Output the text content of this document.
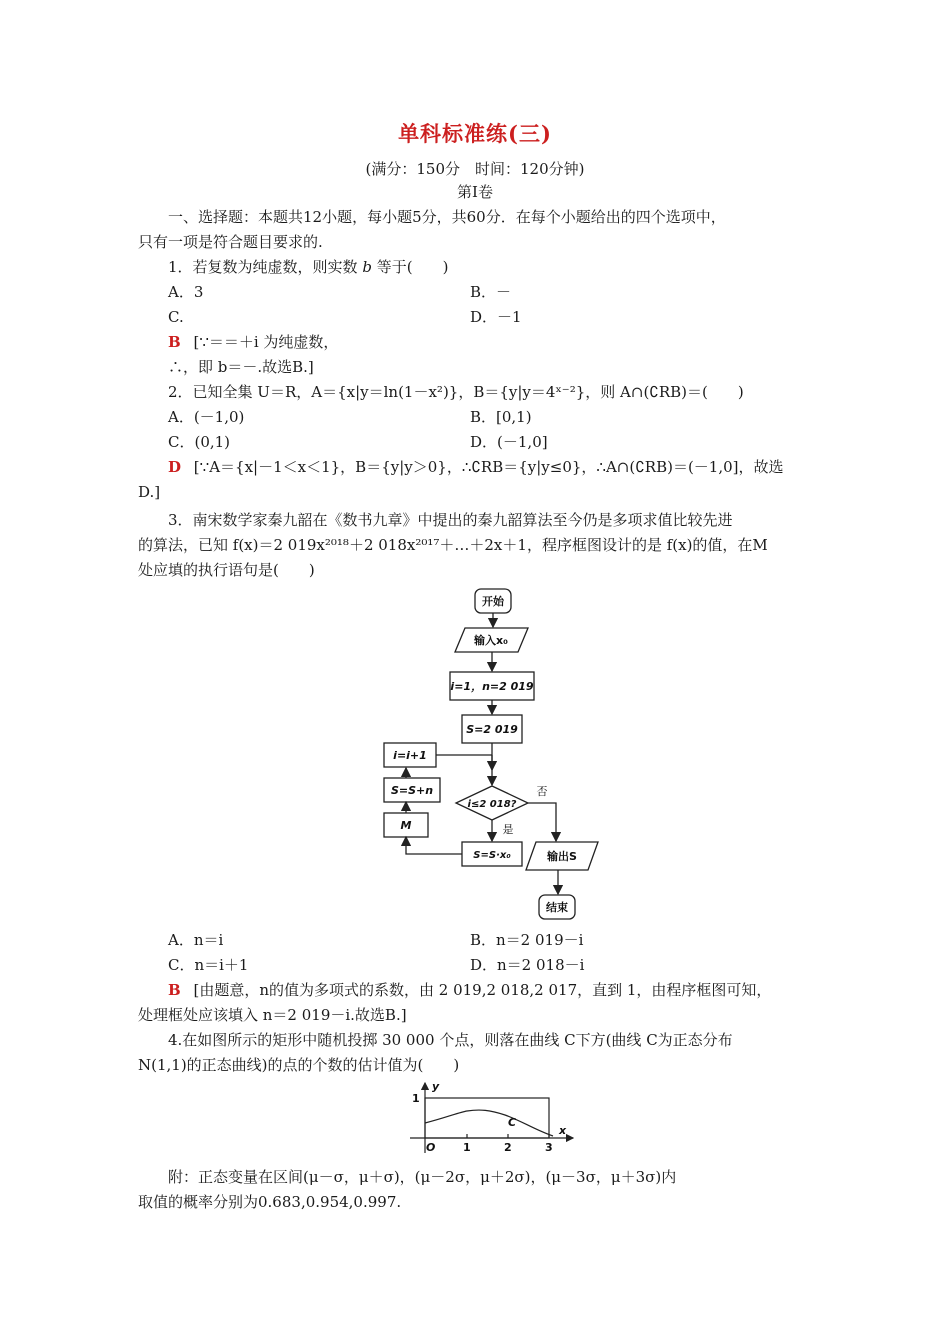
单科标准练(三)
(满分：150分　时间：120分钟)
第Ⅰ卷
一、选择题：本题共12小题，每小题5分，共60分．在每个小题给出的四个选项中，
只有一项是符合题目要求的.
1．若复数为纯虚数，则实数 b 等于(　　)
A．3	B．－
C.	D．－1
B [∵＝＝＋i 为纯虚数，
∴，即 b＝－.故选B.]
2．已知全集 U＝R，A＝{x|y＝ln(1－x²)}，B＝{y|y＝4ˣ⁻²}，则 A∩(∁RB)＝(　　)
A．(－1,0)	B．[0,1)
C．(0,1)	D．(－1,0]
D [∵A＝{x|－1＜x＜1}，B＝{y|y＞0}，∴∁RB＝{y|y≤0}，∴A∩(∁RB)＝(－1,0]，故选
D.]
3．南宋数学家秦九韶在《数书九章》中提出的秦九韶算法至今仍是多项求值比较先进
的算法，已知 f(x)＝2 019x²⁰¹⁸＋2 018x²⁰¹⁷＋…＋2x＋1，程序框图设计的是 f(x)的值，在M
处应填的执行语句是(　　)
开始
输入x₀
i=1，n=2 019
S=2 019
i≤2 018?
否
是
S=S·x₀
M
S=S+n
i=i+1
输出S
结束
A．n＝i	B．n＝2 019－i
C．n＝i＋1	D．n＝2 018－i
B [由题意，n的值为多项式的系数，由 2 019,2 018,2 017，直到 1，由程序框图可知，
处理框处应该填入 n＝2 019－i.故选B.]
4.在如图所示的矩形中随机投掷 30 000 个点，则落在曲线 C下方(曲线 C为正态分布
N(1,1)的正态曲线)的点的个数的估计值为(　　)
y
x
1
O	1	2	3
C
附：正态变量在区间(μ－σ，μ＋σ)，(μ－2σ，μ＋2σ)，(μ－3σ，μ＋3σ)内
取值的概率分别为0.683,0.954,0.997.
